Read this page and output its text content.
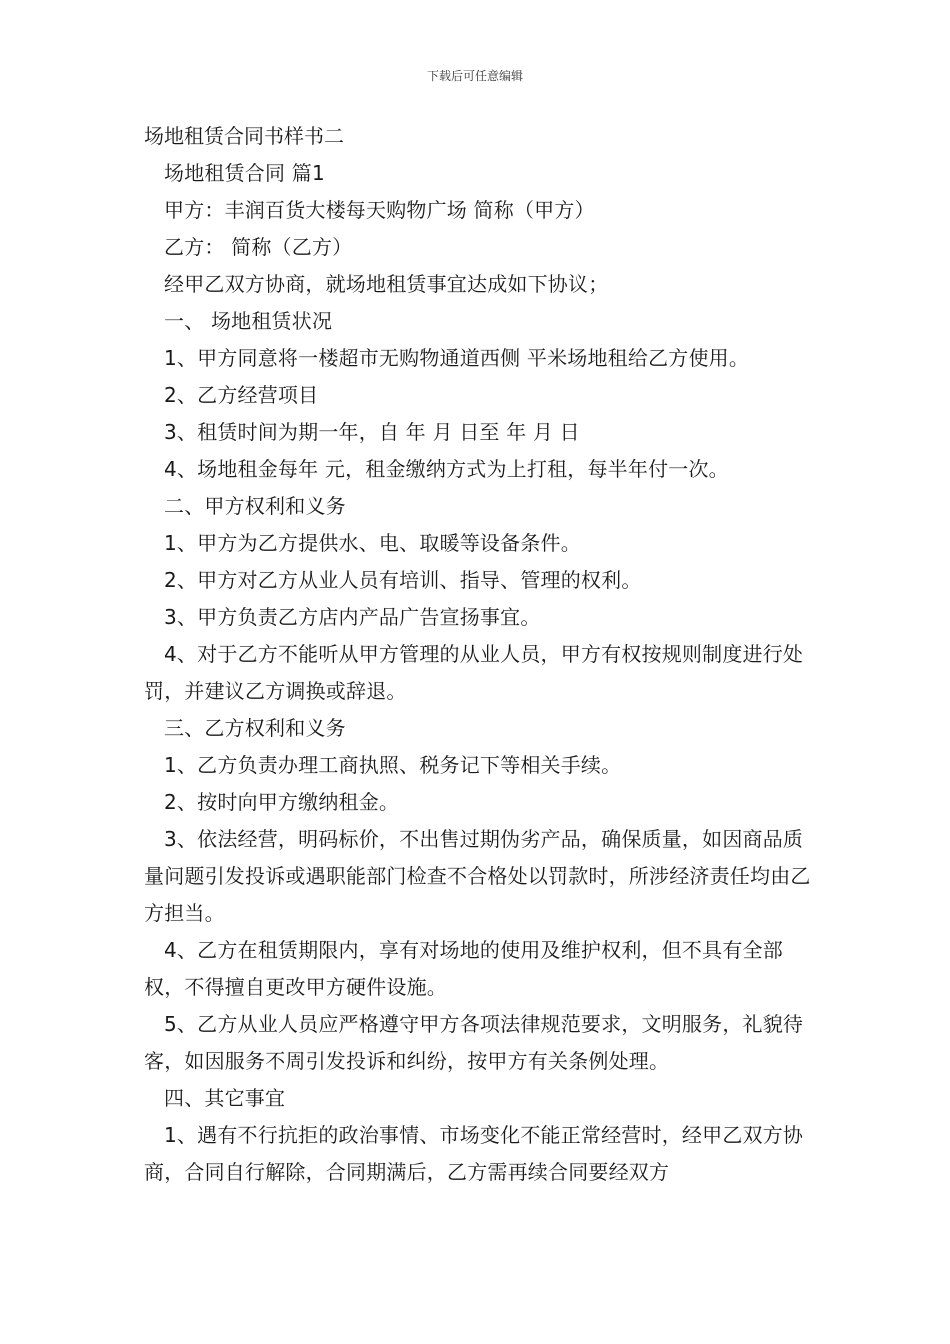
下载后可任意编辑
场地租赁合同书样书二

场地租赁合同 篇1

甲方：丰润百货大楼每天购物广场 简称（甲方）

乙方： 简称（乙方）

经甲乙双方协商，就场地租赁事宜达成如下协议；

一、 场地租赁状况

1、甲方同意将一楼超市无购物通道西侧 平米场地租给乙方使用。

2、乙方经营项目

3、租赁时间为期一年，自 年 月 日至 年 月 日

4、场地租金每年 元，租金缴纳方式为上打租，每半年付一次。

二、甲方权利和义务

1、甲方为乙方提供水、电、取暖等设备条件。

2、甲方对乙方从业人员有培训、指导、管理的权利。

3、甲方负责乙方店内产品广告宣扬事宜。

4、对于乙方不能听从甲方管理的从业人员，甲方有权按规则制度进行处罚，并建议乙方调换或辞退。

三、乙方权利和义务

1、乙方负责办理工商执照、税务记下等相关手续。

2、按时向甲方缴纳租金。

3、依法经营，明码标价，不出售过期伪劣产品，确保质量，如因商品质量问题引发投诉或遇职能部门检查不合格处以罚款时，所涉经济责任均由乙方担当。

4、乙方在租赁期限内，享有对场地的使用及维护权利，但不具有全部权，不得擅自更改甲方硬件设施。

5、乙方从业人员应严格遵守甲方各项法律规范要求，文明服务，礼貌待客，如因服务不周引发投诉和纠纷，按甲方有关条例处理。

四、其它事宜

1、遇有不行抗拒的政治事情、市场变化不能正常经营时，经甲乙双方协商，合同自行解除，合同期满后，乙方需再续合同要经双方
